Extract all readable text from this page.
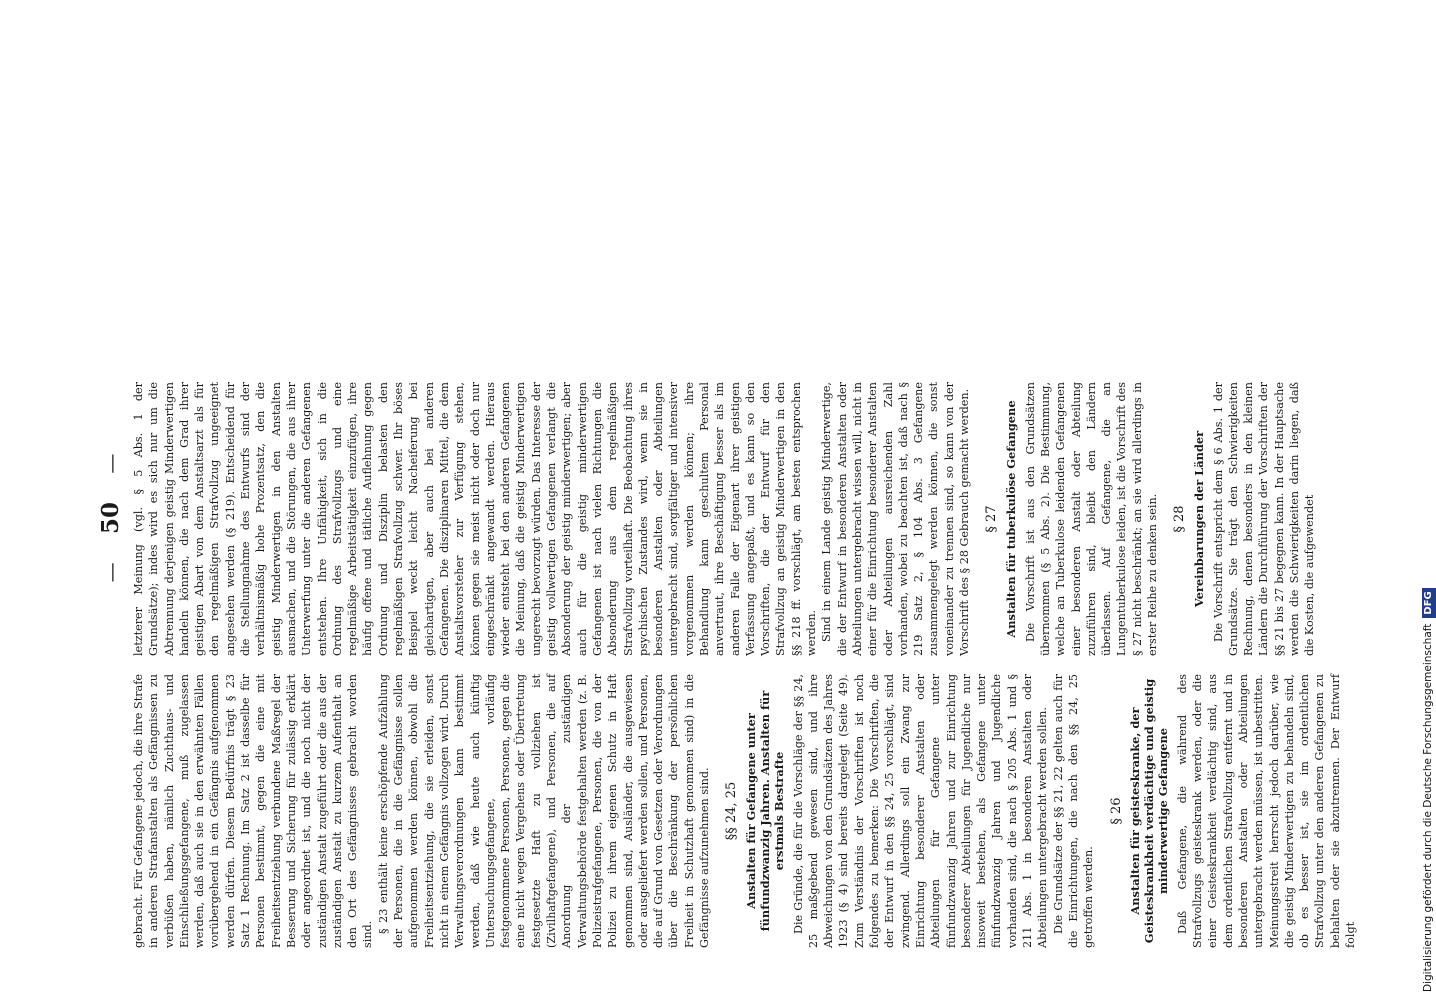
— 50 —

gebracht. Für Gefangene jedoch, die ihre Strafe in anderen Strafanstalten als Gefängnissen zu verbüßen haben, nämlich Zuchthaus- und Einschließungsgefangene, muß zugelassen werden, daß auch sie in den erwähnten Fällen vorübergehend in ein Gefängnis aufgenommen werden dürfen. Diesem Bedürfnis trägt § 23 Satz 1 Rechnung. Im Satz 2 ist dasselbe für Personen bestimmt, gegen die eine mit Freiheitsentziehung verbundene Maßregel der Besserung und Sicherung für zulässig erklärt oder angeordnet ist, und die noch nicht der zuständigen Anstalt zugeführt oder die aus der zuständigen Anstalt zu kurzem Aufenthalt an den Ort des Gefängnisses gebracht worden sind.

§ 23 enthält keine erschöpfende Aufzählung der Personen, die in die Gefängnisse sollen aufgenommen werden können, obwohl die Freiheitsentziehung, die sie erleiden, sonst nicht in einem Gefängnis vollzogen wird. Durch Verwaltungsverordnungen kann bestimmt werden, daß wie heute auch künftig Untersuchungsgefangene, vorläufig festgenommene Personen, Personen, gegen die eine nicht wegen Vergehens oder Übertretung festgesetzte Haft zu vollziehen ist (Zivilhaftgefangene), und Personen, die auf Anordnung der zuständigen Verwaltungsbehörde festgehalten werden (z. B. Polizeistrafgefangene, Personen, die von der Polizei zu ihrem eigenen Schutz in Haft genommen sind, Ausländer, die ausgewiesen oder ausgeliefert werden sollen, und Personen, die auf Grund von Gesetzen oder Verordnungen über die Beschränkung der persönlichen Freiheit in Schutzhaft genommen sind) in die Gefängnisse aufzunehmen sind. §§ 24, 25 Anstalten für Gefangene unter fünfundzwanzig Jahren. Anstalten für erstmals Bestrafte Die Gründe, die für die Vorschläge der §§ 24, 25 maßgebend gewesen sind, und ihre Abweichungen von den Grundsätzen des Jahres 1923 (§ 4) sind bereits dargelegt (Seite 49). Zum Verständnis der Vorschriften ist noch folgendes zu bemerken: Die Vorschriften, die der Entwurf in den §§ 24, 25 vorschlägt, sind zwingend. Allerdings soll ein Zwang zur Einrichtung besonderer Anstalten oder Abteilungen für Gefangene unter fünfundzwanzig Jahren und zur Einrichtung besonderer Abteilungen für Jugendliche nur insoweit bestehen, als Gefangene unter fünfundzwanzig Jahren und Jugendliche vorhanden sind, die nach § 205 Abs. 1 und § 211 Abs. 1 in besonderen Anstalten oder Abteilungen untergebracht werden sollen. Die Grundsätze der §§ 21, 22 gelten auch für die Einrichtungen, die nach den §§ 24, 25 getroffen werden.

§ 26 Anstalten für geisteskranke, der Geisteskrankheit verdächtige und geistig minderwertige Gefangene Daß Gefangene, die während des Strafvollzugs geisteskrank werden, oder die einer Geisteskrankheit verdächtig sind, aus dem ordentlichen Strafvollzug entfernt und in besonderen Anstalten oder Abteilungen untergebracht werden müssen, ist unbestritten. Meinungsstreit herrscht jedoch darüber, wie die geistig Minderwertigen zu behandeln sind, ob es besser ist, sie im ordentlichen Strafvollzug unter den anderen Gefangenen zu behalten oder sie abzutrennen. Der Entwurf folgt

letzterer Meinung (vgl. § 5 Abs. 1 der Grundsätze); indes wird es sich nur um die Abtrennung derjenigen geistig Minderwertigen handeln können, die nach dem Grad ihrer geistigen Abart von dem Anstaltsarzt als für den regelmäßigen Strafvollzug ungeeignet angesehen werden (§ 219). Entscheidend für die Stellungnahme des Entwurfs sind der verhältnismäßig hohe Prozentsatz, den die geistig Minderwertigen in den Anstalten ausmachen, und die Störungen, die aus ihrer Unterwerfung unter die anderen Gefangenen entstehen. Ihre Unfähigkeit, sich in die Ordnung des Strafvollzugs und eine regelmäßige Arbeitstätigkeit einzufügen, ihre häufig offene und tätliche Auflehnung gegen Ordnung und Disziplin belasten den regelmäßigen Strafvollzug schwer. Ihr böses Beispiel weckt leicht Nacheiferung bei gleichartigen, aber auch bei anderen Gefangenen. Die disziplinaren Mittel, die dem Anstaltsvorsteher zur Verfügung stehen, können gegen sie meist nicht oder doch nur eingeschränkt angewandt werden. Hieraus wieder entsteht bei den anderen Gefangenen die Meinung, daß die geistig Minderwertigen ungerecht bevorzugt würden. Das Interesse der geistig vollwertigen Gefangenen verlangt die Absonderung der geistig minderwertigen; aber auch für die geistig minderwertigen Gefangenen ist nach vielen Richtungen die Absonderung aus dem regelmäßigen Strafvollzug vorteilhaft. Die Beobachtung ihres psychischen Zustandes wird, wenn sie in besonderen Anstalten oder Abteilungen untergebracht sind, sorgfältiger und intensiver vorgenommen werden können; ihre Behandlung kann geschultem Personal anvertraut, ihre Beschäftigung besser als im anderen Falle der Eigenart ihrer geistigen Verfassung angepaßt, und es kann so den Vorschriften, die der Entwurf für den Strafvollzug an geistig Minderwertigen in den §§ 218 ff. vorschlägt, am besten entsprochen werden. Sind in einem Lande geistig Minderwertige, die der Entwurf in besonderen Anstalten oder Abteilungen untergebracht wissen will, nicht in einer für die Einrichtung besonderer Anstalten oder Abteilungen ausreichenden Zahl vorhanden, wobei zu beachten ist, daß nach § 219 Satz 2, § 104 Abs. 3 Gefangene zusammengelegt werden können, die sonst voneinander zu trennen sind, so kann von der Vorschrift des § 28 Gebrauch gemacht werden. § 27 Anstalten für tuberkulöse Gefangene Die Vorschrift ist aus den Grundsätzen übernommen (§ 5 Abs. 2). Die Bestimmung, welche an Tuberkulose leidenden Gefangenen einer besonderen Anstalt oder Abteilung zuzuführen sind, bleibt den Ländern überlassen. Auf Gefangene, die an Lungentuberkulose leiden, ist die Vorschrift des § 27 nicht beschränkt; an sie wird allerdings in erster Reihe zu denken sein. § 28 Vereinbarungen der Länder Die Vorschrift entspricht dem § 6 Abs. 1 der Grundsätze. Sie trägt den Schwierigkeiten Rechnung, denen besonders in den kleinen Ländern die Durchführung der Vorschriften der §§ 21 bis 27 begegnen kann. In der Hauptsache werden die Schwierigkeiten darin liegen, daß die Kosten, die aufgewendet

Digitalisierung gefördert durch die Deutsche ForschungsgemeinschaftDFG
